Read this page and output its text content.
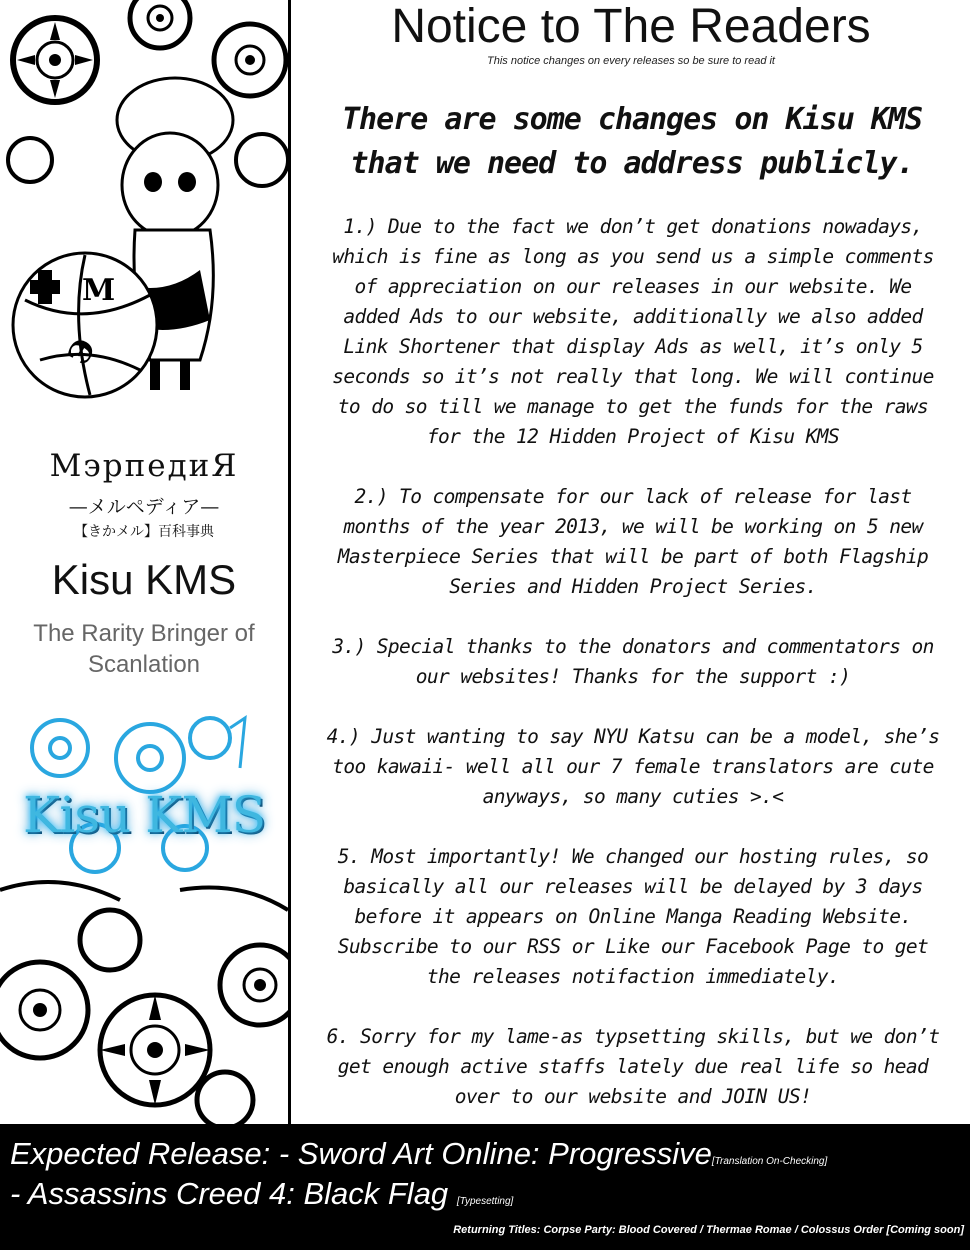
M
Э
МэрпедиЯ
—メルペディア—
【きかメル】百科事典
Kisu KMS
The Rarity Bringer of
Scanlation
Kisu KMS
Notice to The Readers
This notice changes on every releases so be sure to read it
There are some changes on Kisu KMS
that we need to address publicly.
1.) Due to the fact we don’t get donations nowadays,
which is fine as long as you send us a simple comments
of appreciation on our releases in our website. We
added Ads to our website, additionally we also added
Link Shortener that display Ads as well, it’s only 5
seconds so it’s not really that long. We will continue
to do so till we manage to get the funds for the raws
for the 12 Hidden Project of Kisu KMS
2.) To compensate for our lack of release for last
months of the year 2013, we will be working on 5 new
Masterpiece Series that will be part of both Flagship
Series and Hidden Project Series.
3.) Special thanks to the donators and commentators on
our websites! Thanks for the support :)
4.) Just wanting to say NYU Katsu can be a model, she’s
too kawaii- well all our 7 female translators are cute
anyways, so many cuties >.<
5. Most importantly! We changed our hosting rules, so
basically all our releases will be delayed by 3 days
before it appears on Online Manga Reading Website.
Subscribe to our RSS or Like our Facebook Page to get
the releases notifaction immediately.
6. Sorry for my lame-as typsetting skills, but we don’t
get enough active staffs lately due real life so head
over to our website and JOIN US!
Expected Release: - Sword Art Online: Progressive[Translation On-Checking]
- Assassins Creed 4: Black Flag [Typesetting]
Returning Titles: Corpse Party: Blood Covered / Thermae Romae / Colossus Order [Coming soon]
